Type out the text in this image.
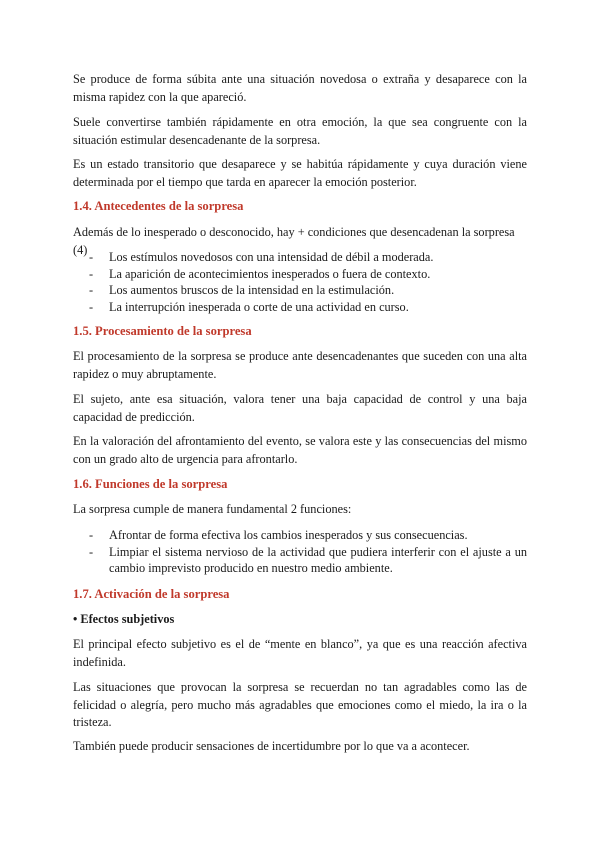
Se produce de forma súbita ante una situación novedosa o extraña y desaparece con la misma rapidez con la que apareció.
Suele convertirse también rápidamente en otra emoción, la que sea congruente con la situación estimular desencadenante de la sorpresa.
Es un estado transitorio que desaparece y se habitúa rápidamente y cuya duración viene determinada por el tiempo que tarda en aparecer la emoción posterior.
1.4. Antecedentes de la sorpresa
Además de lo inesperado o desconocido, hay + condiciones que desencadenan la sorpresa (4)
- Los estímulos novedosos con una intensidad de débil a moderada.
- La aparición de acontecimientos inesperados o fuera de contexto.
- Los aumentos bruscos de la intensidad en la estimulación.
- La interrupción inesperada o corte de una actividad en curso.
1.5. Procesamiento de la sorpresa
El procesamiento de la sorpresa se produce ante desencadenantes que suceden con una alta rapidez o muy abruptamente.
El sujeto, ante esa situación, valora tener una baja capacidad de control y una baja capacidad de predicción.
En la valoración del afrontamiento del evento, se valora este y las consecuencias del mismo con un grado alto de urgencia para afrontarlo.
1.6. Funciones de la sorpresa
La sorpresa cumple de manera fundamental 2 funciones:
- Afrontar de forma efectiva los cambios inesperados y sus consecuencias.
- Limpiar el sistema nervioso de la actividad que pudiera interferir con el ajuste a un cambio imprevisto producido en nuestro medio ambiente.
1.7. Activación de la sorpresa
• Efectos subjetivos
El principal efecto subjetivo es el de “mente en blanco”, ya que es una reacción afectiva indefinida.
Las situaciones que provocan la sorpresa se recuerdan no tan agradables como las de felicidad o alegría, pero mucho más agradables que emociones como el miedo, la ira o la tristeza.
También puede producir sensaciones de incertidumbre por lo que va a acontecer.
